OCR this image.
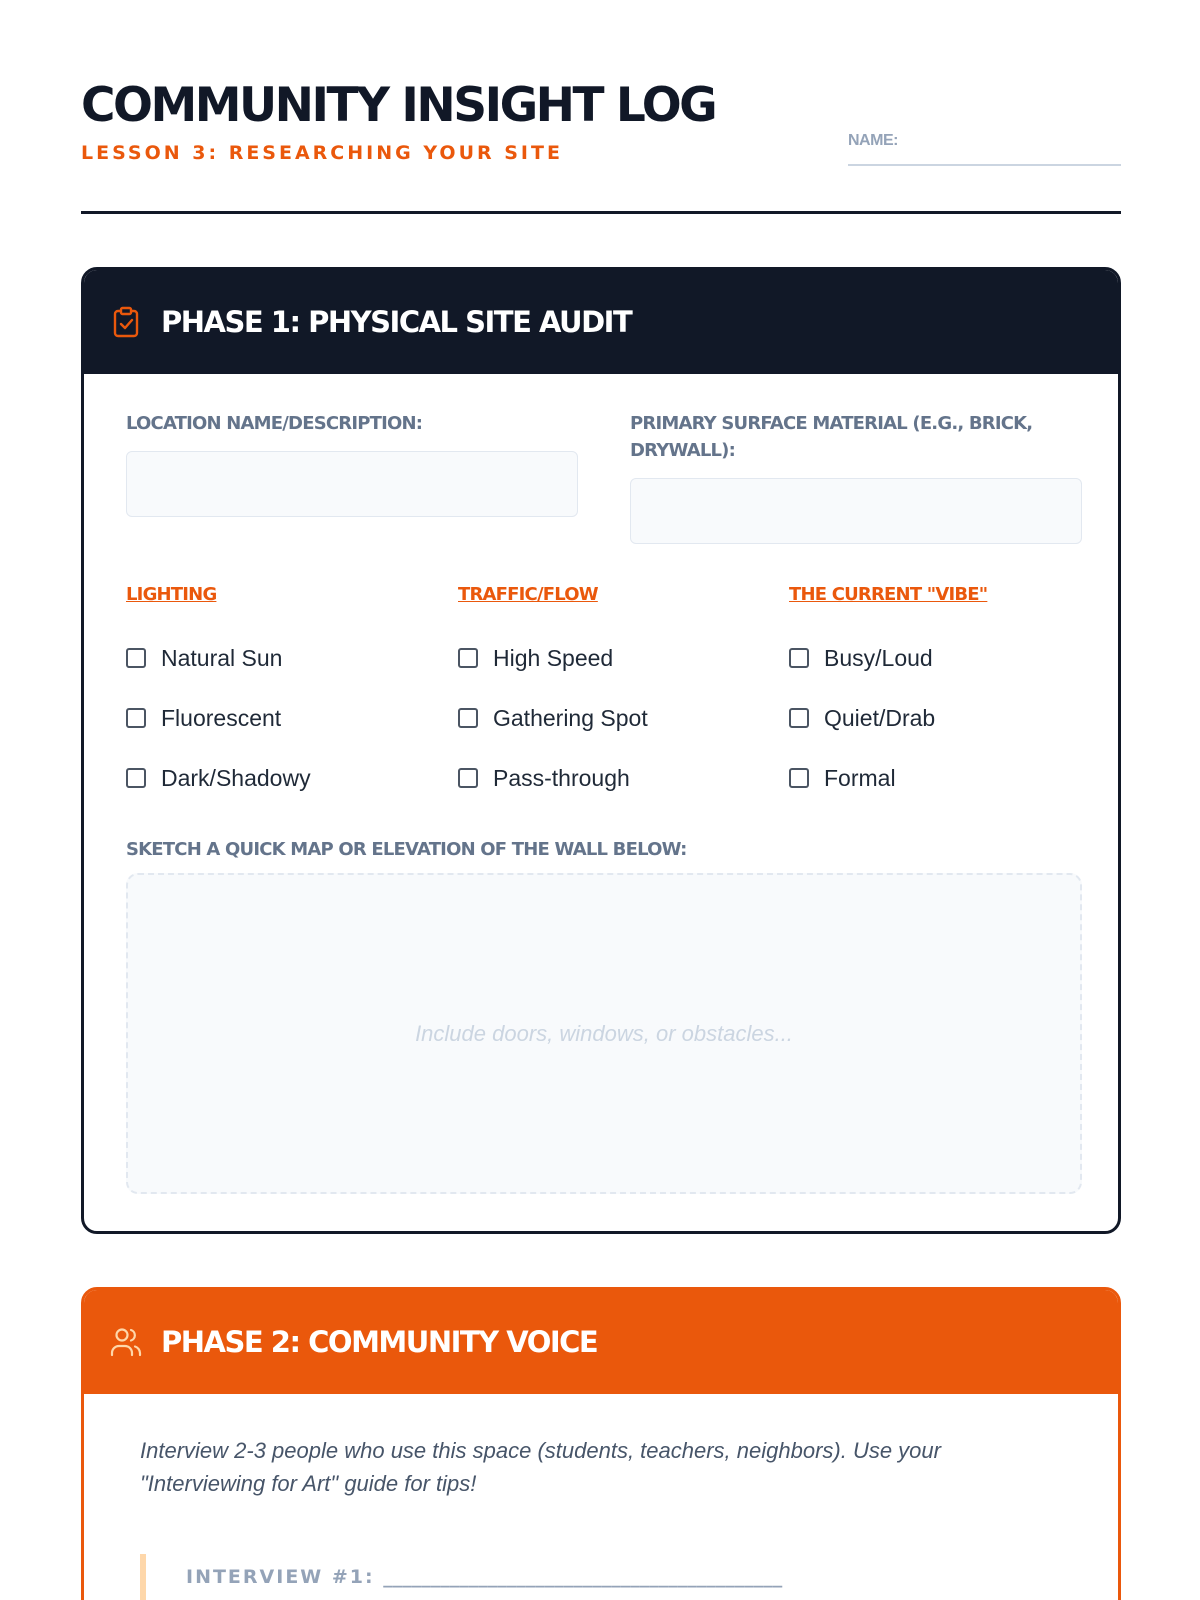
COMMUNITY INSIGHT LOG
LESSON 3: RESEARCHING YOUR SITE
NAME:
PHASE 1: PHYSICAL SITE AUDIT
LOCATION NAME/DESCRIPTION:	PRIMARY SURFACE MATERIAL (E.G., BRICK, DRYWALL):
LIGHTING
Natural Sun
Fluorescent
Dark/Shadowy
TRAFFIC/FLOW
High Speed
Gathering Spot
Pass-through
THE CURRENT "VIBE"
Busy/Loud
Quiet/Drab
Formal
SKETCH A QUICK MAP OR ELEVATION OF THE WALL BELOW:
Include doors, windows, or obstacles...
PHASE 2: COMMUNITY VOICE

Interview 2-3 people who use this space (students, teachers, neighbors). Use your "Interviewing for Art" guide for tips!

INTERVIEW #1: __________________________________________
